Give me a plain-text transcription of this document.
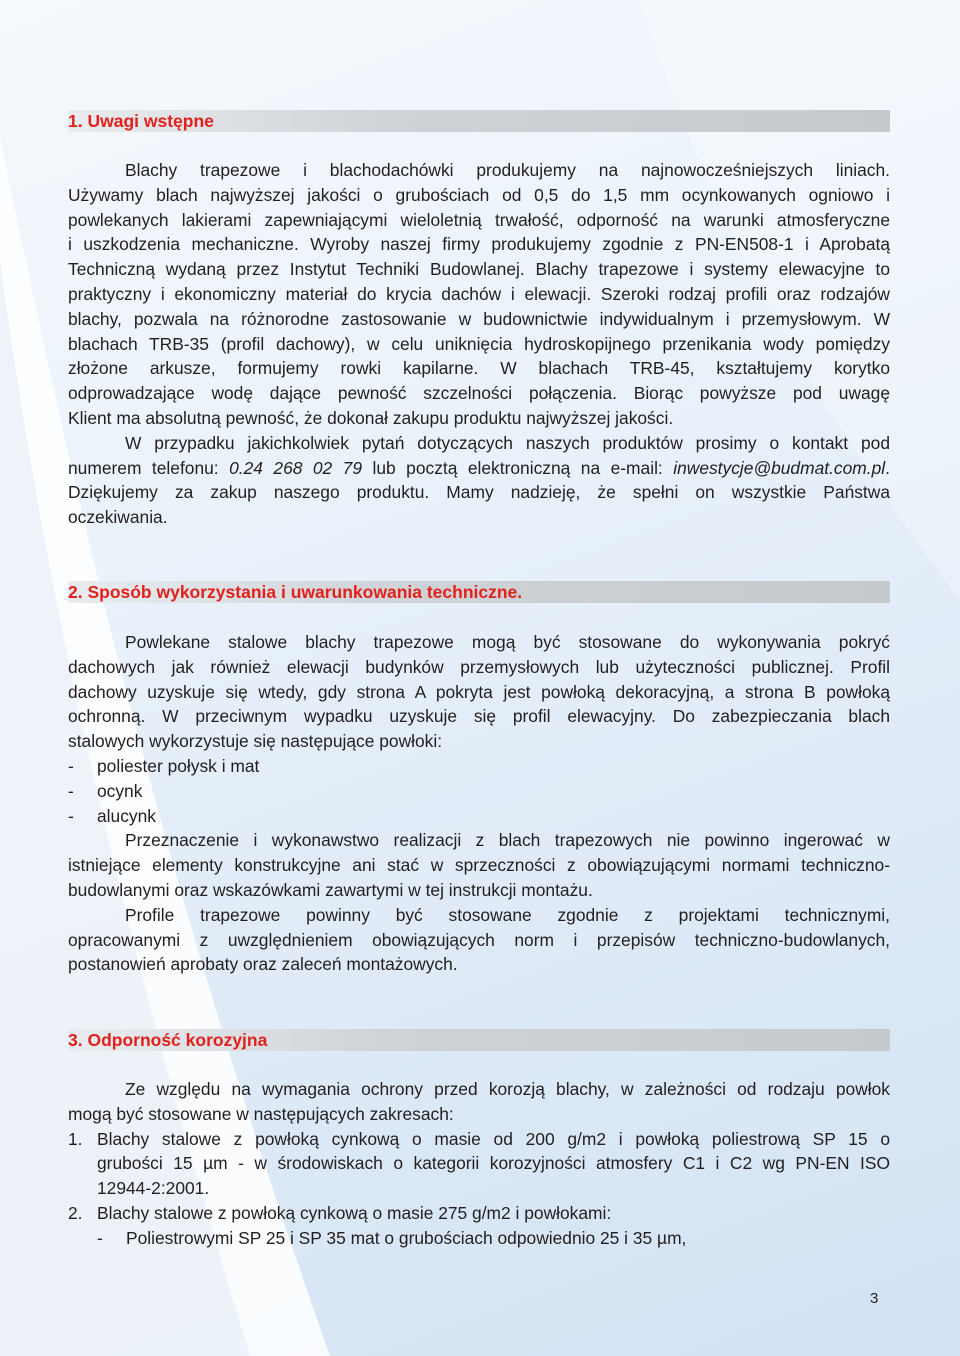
1. Uwagi wstępne
Blachy trapezowe i blachodachówki produkujemy na najnowocześniejszych liniach.
Używamy blach najwyższej jakości o grubościach od 0,5 do 1,5 mm ocynkowanych ogniowo i
powlekanych lakierami zapewniającymi wieloletnią trwałość, odporność na warunki atmosferyczne
i uszkodzenia mechaniczne. Wyroby naszej firmy produkujemy zgodnie z PN-EN508-1 i Aprobatą
Techniczną wydaną przez Instytut Techniki Budowlanej. Blachy trapezowe i systemy elewacyjne to
praktyczny i ekonomiczny materiał do krycia dachów i elewacji. Szeroki rodzaj profili oraz rodzajów
blachy, pozwala na różnorodne zastosowanie w budownictwie indywidualnym i przemysłowym. W
blachach TRB-35 (profil dachowy), w celu uniknięcia hydroskopijnego przenikania wody pomiędzy
złożone arkusze, formujemy rowki kapilarne. W blachach TRB-45, kształtujemy korytko
odprowadzające wodę dające pewność szczelności połączenia. Biorąc powyższe pod uwagę
Klient ma absolutną pewność, że dokonał zakupu produktu najwyższej jakości.
W przypadku jakichkolwiek pytań dotyczących naszych produktów prosimy o kontakt pod
numerem telefonu: 0.24 268 02 79 lub pocztą elektroniczną na e-mail: inwestycje@budmat.com.pl.
Dziękujemy za zakup naszego produktu. Mamy nadzieję, że spełni on wszystkie Państwa
oczekiwania.
2. Sposób wykorzystania i uwarunkowania techniczne.
Powlekane stalowe blachy trapezowe mogą być stosowane do wykonywania pokryć
dachowych jak również elewacji budynków przemysłowych lub użyteczności publicznej. Profil
dachowy uzyskuje się wtedy, gdy strona A pokryta jest powłoką dekoracyjną, a strona B powłoką
ochronną. W przeciwnym wypadku uzyskuje się profil elewacyjny. Do zabezpieczania blach
stalowych wykorzystuje się następujące powłoki:
-	poliester połysk i mat
-	ocynk
-	alucynk
Przeznaczenie i wykonawstwo realizacji z blach trapezowych nie powinno ingerować w
istniejące elementy konstrukcyjne ani stać w sprzeczności z obowiązującymi normami techniczno-
budowlanymi oraz wskazówkami zawartymi w tej instrukcji montażu.
Profile trapezowe powinny być stosowane zgodnie z projektami technicznymi,
opracowanymi z uwzględnieniem obowiązujących norm i przepisów techniczno-budowlanych,
postanowień aprobaty oraz zaleceń montażowych.
3. Odporność korozyjna
Ze względu na wymagania ochrony przed korozją blachy, w zależności od rodzaju powłok
mogą być stosowane w następujących zakresach:
1. Blachy stalowe z powłoką cynkową o masie od 200 g/m2 i powłoką poliestrową SP 15 o
grubości 15 µm - w środowiskach o kategorii korozyjności atmosfery C1 i C2 wg PN-EN ISO
12944-2:2001.
2. Blachy stalowe z powłoką cynkową o masie 275 g/m2 i powłokami:
-	Poliestrowymi SP 25 i SP 35 mat o grubościach odpowiednio 25 i 35 µm,
3
